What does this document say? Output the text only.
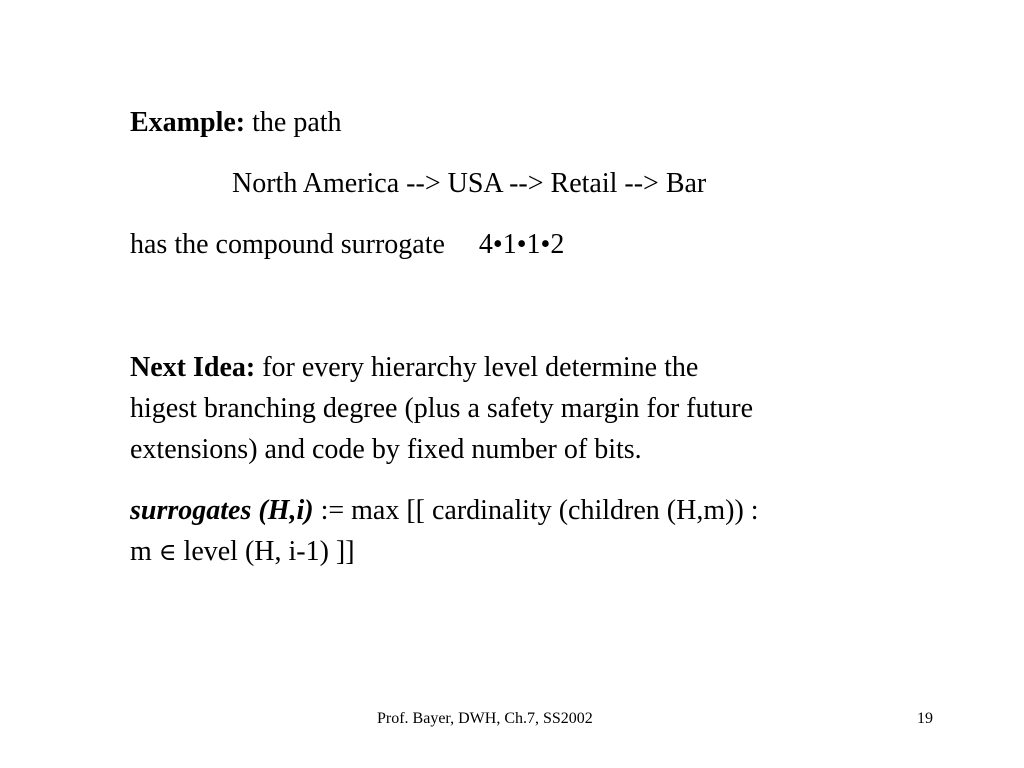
Example: the path
North America --> USA --> Retail --> Bar
has the compound surrogate 4•1•1•2
Next Idea: for every hierarchy level determine the
higest branching degree (plus a safety margin for future
extensions) and code by fixed number of bits.
surrogates (H,i) := max [[ cardinality (children (H,m)) :
m ∈ level (H, i-1) ]]
Prof. Bayer, DWH, Ch.7, SS2002	19
